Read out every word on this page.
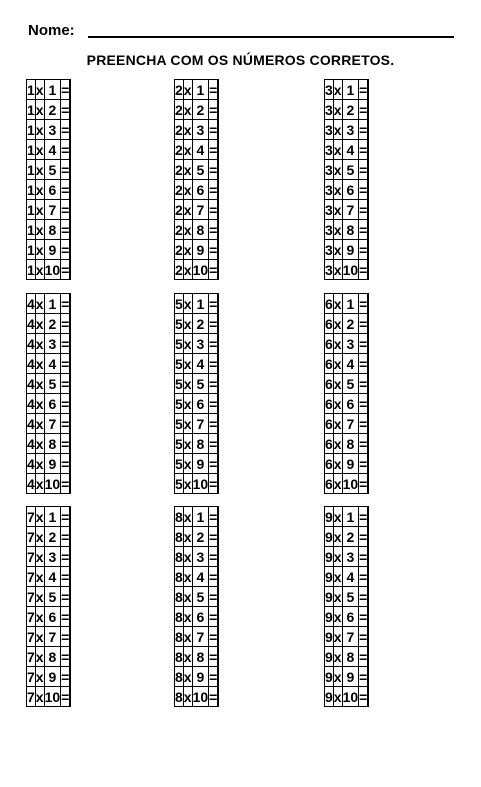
Nome:
PREENCHA COM OS NÚMEROS CORRETOS.
1	x	1	=	
1	x	2	=	
1	x	3	=	
1	x	4	=	
1	x	5	=	
1	x	6	=	
1	x	7	=	
1	x	8	=	
1	x	9	=	
1	x	10	=	
2	x	1	=	
2	x	2	=	
2	x	3	=	
2	x	4	=	
2	x	5	=	
2	x	6	=	
2	x	7	=	
2	x	8	=	
2	x	9	=	
2	x	10	=	
3	x	1	=	
3	x	2	=	
3	x	3	=	
3	x	4	=	
3	x	5	=	
3	x	6	=	
3	x	7	=	
3	x	8	=	
3	x	9	=	
3	x	10	=	
4	x	1	=	
4	x	2	=	
4	x	3	=	
4	x	4	=	
4	x	5	=	
4	x	6	=	
4	x	7	=	
4	x	8	=	
4	x	9	=	
4	x	10	=	
5	x	1	=	
5	x	2	=	
5	x	3	=	
5	x	4	=	
5	x	5	=	
5	x	6	=	
5	x	7	=	
5	x	8	=	
5	x	9	=	
5	x	10	=	
6	x	1	=	
6	x	2	=	
6	x	3	=	
6	x	4	=	
6	x	5	=	
6	x	6	=	
6	x	7	=	
6	x	8	=	
6	x	9	=	
6	x	10	=	
7	x	1	=	
7	x	2	=	
7	x	3	=	
7	x	4	=	
7	x	5	=	
7	x	6	=	
7	x	7	=	
7	x	8	=	
7	x	9	=	
7	x	10	=	
8	x	1	=	
8	x	2	=	
8	x	3	=	
8	x	4	=	
8	x	5	=	
8	x	6	=	
8	x	7	=	
8	x	8	=	
8	x	9	=	
8	x	10	=	
9	x	1	=	
9	x	2	=	
9	x	3	=	
9	x	4	=	
9	x	5	=	
9	x	6	=	
9	x	7	=	
9	x	8	=	
9	x	9	=	
9	x	10	=	
